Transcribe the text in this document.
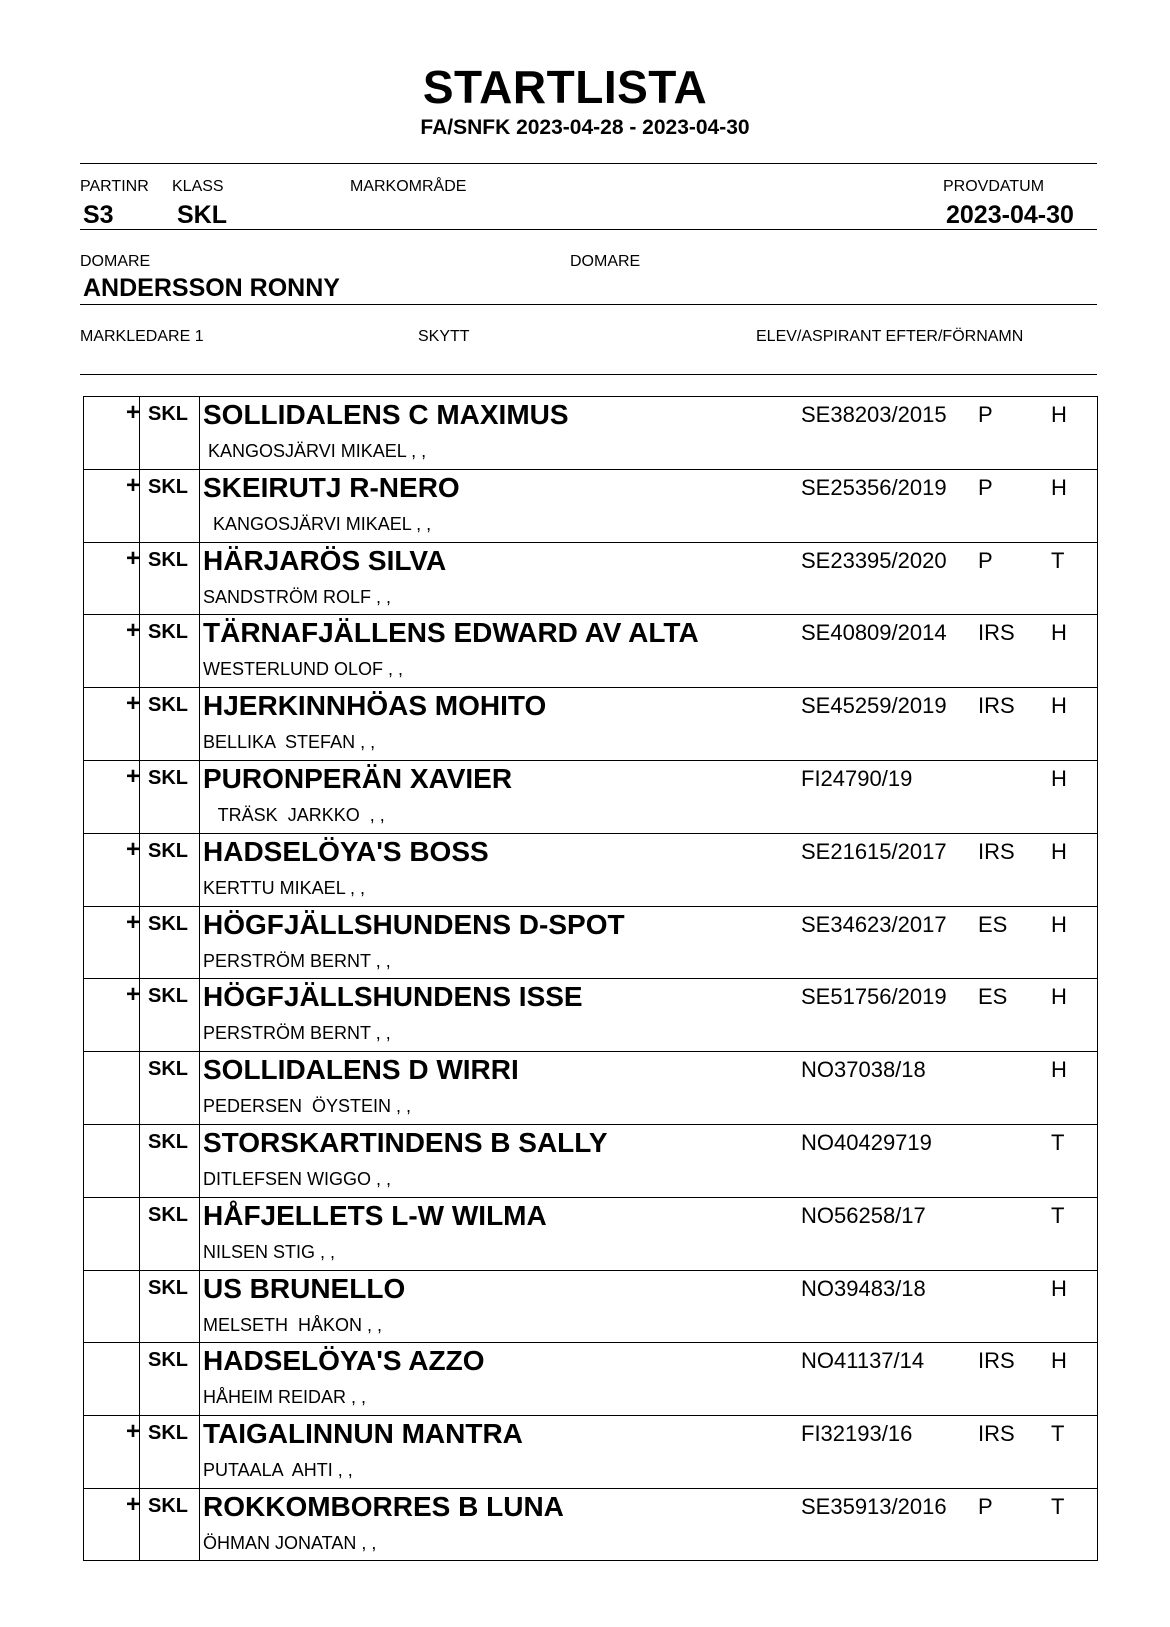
STARTLISTA
FA/SNFK 2023-04-28 - 2023-04-30
PARTINR KLASS	MARKOMRÅDE	PROVDATUM
S3	SKL	2023-04-30
DOMARE	DOMARE
ANDERSSON RONNY
MARKLEDARE 1	SKYTT	ELEV/ASPIRANT EFTER/FÖRNAMN
+ SKL SOLLIDALENS C MAXIMUS
KANGOSJÄRVI MIKAEL , ,
SE38203/2015 P	H
+ SKL SKEIRUTJ R-NERO
KANGOSJÄRVI MIKAEL , ,
SE25356/2019 P	H
+ SKL HÄRJARÖS SILVA
SANDSTRÖM ROLF , ,
SE23395/2020 P	T
+ SKL TÄRNAFJÄLLENS EDWARD AV ALTA
WESTERLUND OLOF , ,
SE40809/2014 IRS H
+ SKL HJERKINNHÖAS MOHITO
BELLIKA  STEFAN , ,
SE45259/2019 IRS H
+ SKL PURONPERÄN XAVIER
TRÄSK  JARKKO  , ,
FI24790/19	H
+ SKL HADSELÖYA'S BOSS
KERTTU MIKAEL , ,
SE21615/2017 IRS H
+ SKL HÖGFJÄLLSHUNDENS D-SPOT
PERSTRÖM BERNT , ,
SE34623/2017 ES H
+ SKL HÖGFJÄLLSHUNDENS ISSE
PERSTRÖM BERNT , ,
SE51756/2019 ES H
SKL SOLLIDALENS D WIRRI
PEDERSEN  ÖYSTEIN , ,
NO37038/18	H
SKL STORSKARTINDENS B SALLY
DITLEFSEN WIGGO , ,
NO40429719	T
SKL HÅFJELLETS L-W WILMA
NILSEN STIG , ,
NO56258/17	T
SKL US BRUNELLO
MELSETH  HÅKON , ,
NO39483/18	H
SKL HADSELÖYA'S AZZO
HÅHEIM REIDAR , ,
NO41137/14 IRS H
+ SKL TAIGALINNUN MANTRA
PUTAALA  AHTI , ,
FI32193/16	IRS T
+ SKL ROKKOMBORRES B LUNA
ÖHMAN JONATAN , ,
SE35913/2016 P	T
